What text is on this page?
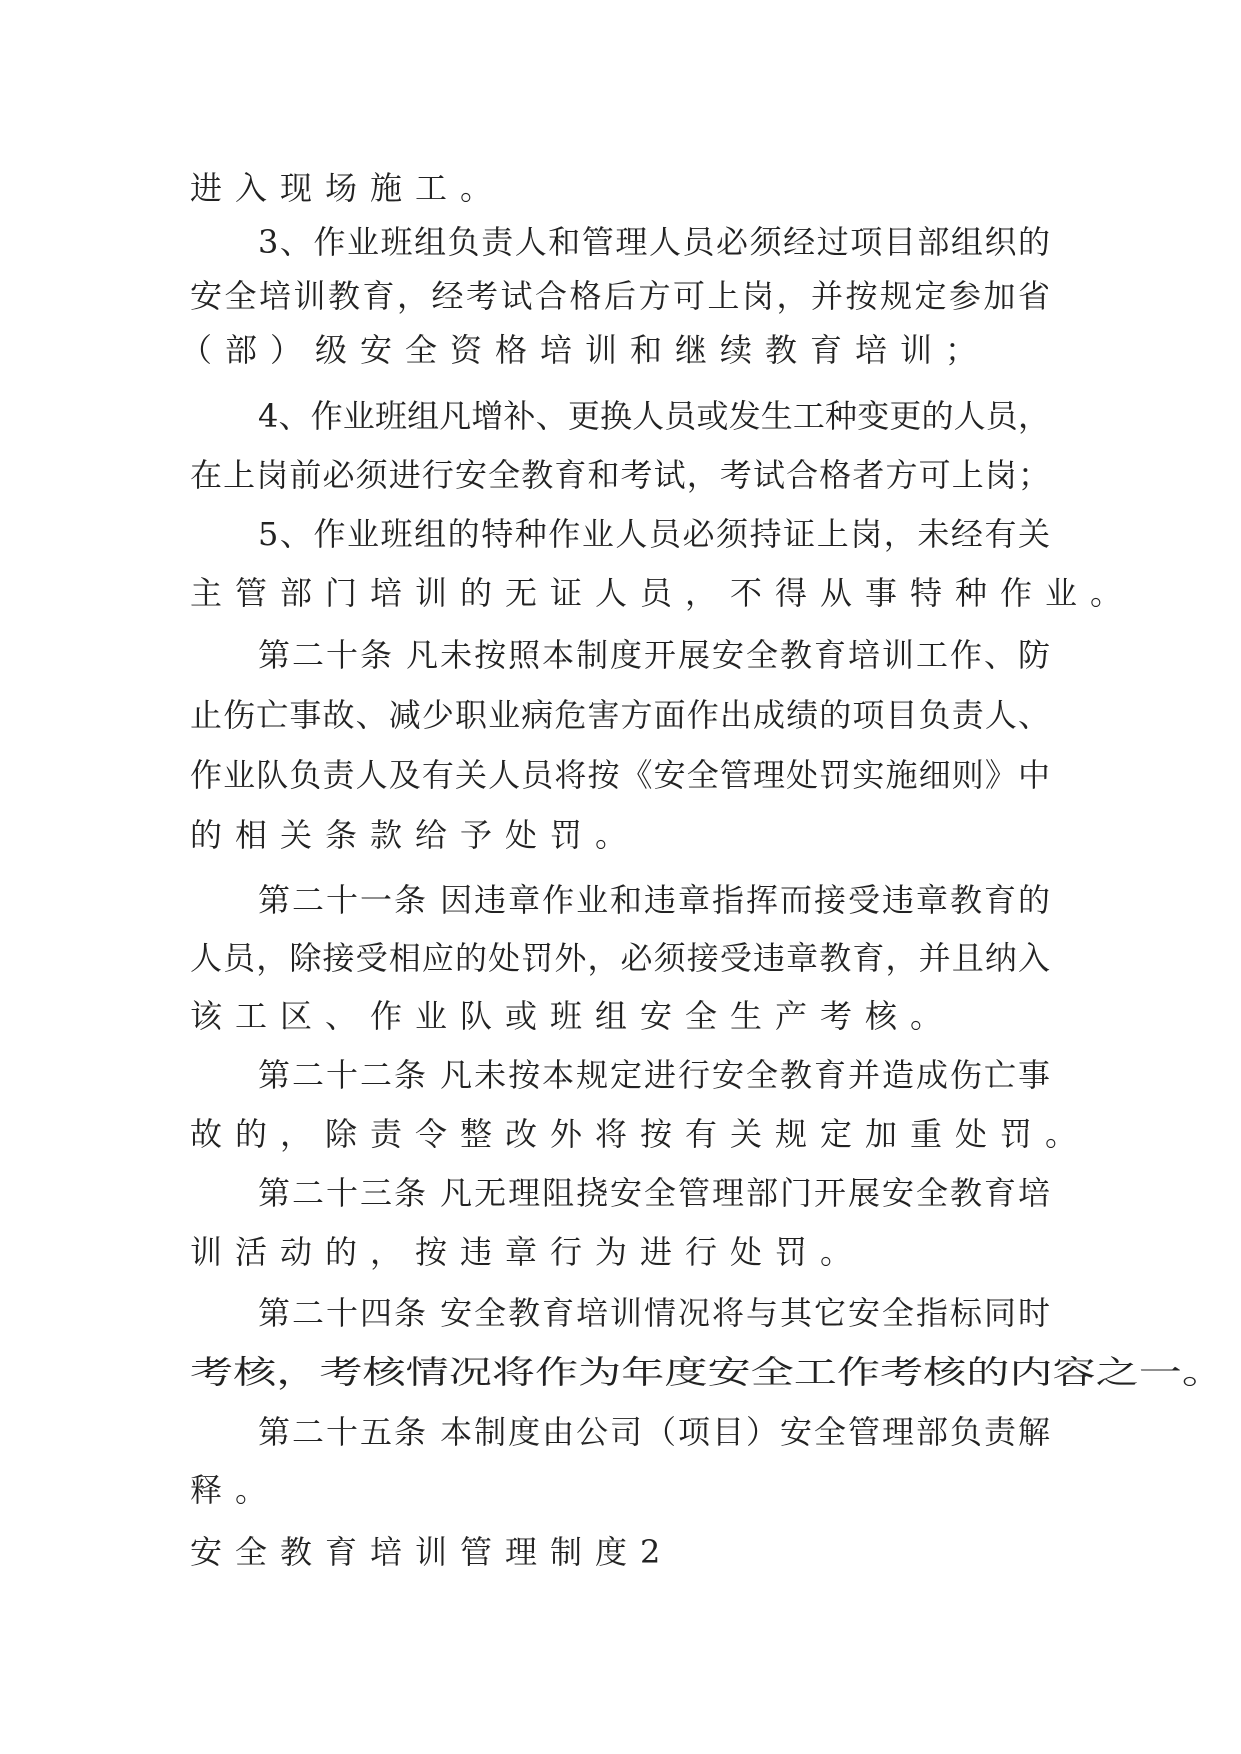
进入现场施工。
3、作业班组负责人和管理人员必须经过项目部组织的
安全培训教育，经考试合格后方可上岗，并按规定参加省
（部）级安全资格培训和继续教育培训；
4、作业班组凡增补、更换人员或发生工种变更的人员，
在上岗前必须进行安全教育和考试，考试合格者方可上岗；
5、作业班组的特种作业人员必须持证上岗，未经有关
主管部门培训的无证人员，不得从事特种作业。
第二十条 凡未按照本制度开展安全教育培训工作、防
止伤亡事故、减少职业病危害方面作出成绩的项目负责人、
作业队负责人及有关人员将按《安全管理处罚实施细则》中
的相关条款给予处罚。
第二十一条 因违章作业和违章指挥而接受违章教育的
人员，除接受相应的处罚外，必须接受违章教育，并且纳入
该工区、作业队或班组安全生产考核。
第二十二条 凡未按本规定进行安全教育并造成伤亡事
故的，除责令整改外将按有关规定加重处罚。
第二十三条 凡无理阻挠安全管理部门开展安全教育培
训活动的，按违章行为进行处罚。
第二十四条 安全教育培训情况将与其它安全指标同时
考核，考核情况将作为年度安全工作考核的内容之一。
第二十五条 本制度由公司（项目）安全管理部负责解
释。
安全教育培训管理制度2
